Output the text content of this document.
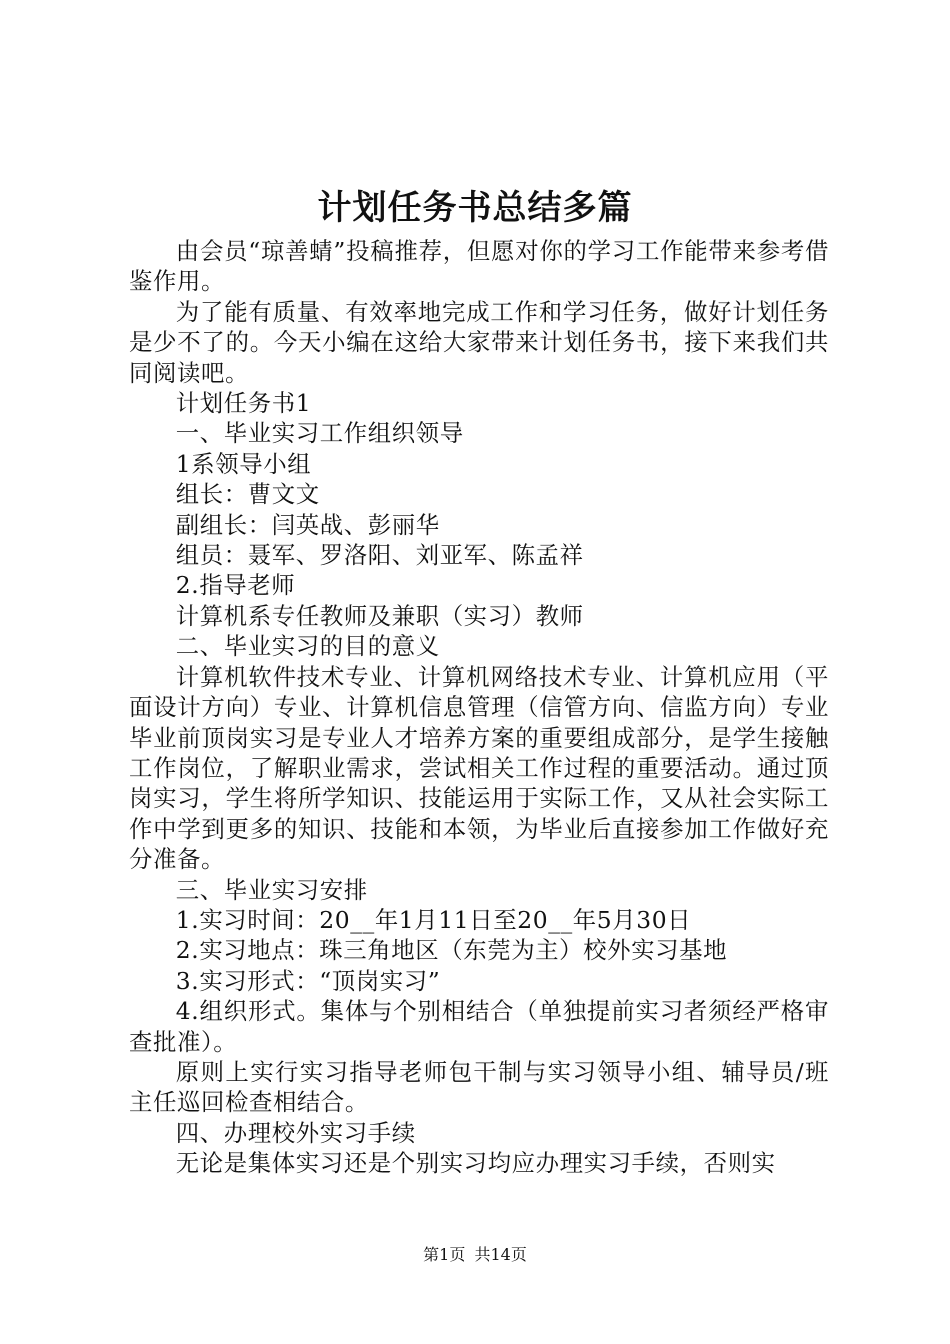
计划任务书总结多篇

由会员“琼善蜻”投稿推荐，但愿对你的学习工作能带来参考借鉴作用。

为了能有质量、有效率地完成工作和学习任务，做好计划任务是少不了的。今天小编在这给大家带来计划任务书，接下来我们共同阅读吧。

计划任务书1

一、毕业实习工作组织领导

1系领导小组

组长：曹文文

副组长：闫英战、彭丽华

组员：聂军、罗洛阳、刘亚军、陈孟祥

2.指导老师

计算机系专任教师及兼职（实习）教师

二、毕业实习的目的意义

计算机软件技术专业、计算机网络技术专业、计算机应用（平面设计方向）专业、计算机信息管理（信管方向、信监方向）专业毕业前顶岗实习是专业人才培养方案的重要组成部分，是学生接触工作岗位，了解职业需求，尝试相关工作过程的重要活动。通过顶岗实习，学生将所学知识、技能运用于实际工作，又从社会实际工作中学到更多的知识、技能和本领，为毕业后直接参加工作做好充分准备。

三、毕业实习安排

1.实习时间：20__年1月11日至20__年5月30日

2.实习地点：珠三角地区（东莞为主）校外实习基地

3.实习形式：“顶岗实习”

4.组织形式。集体与个别相结合（单独提前实习者须经严格审查批准）。

原则上实行实习指导老师包干制与实习领导小组、辅导员/班主任巡回检查相结合。

四、办理校外实习手续

无论是集体实习还是个别实习均应办理实习手续，否则实

第1页 共14页
